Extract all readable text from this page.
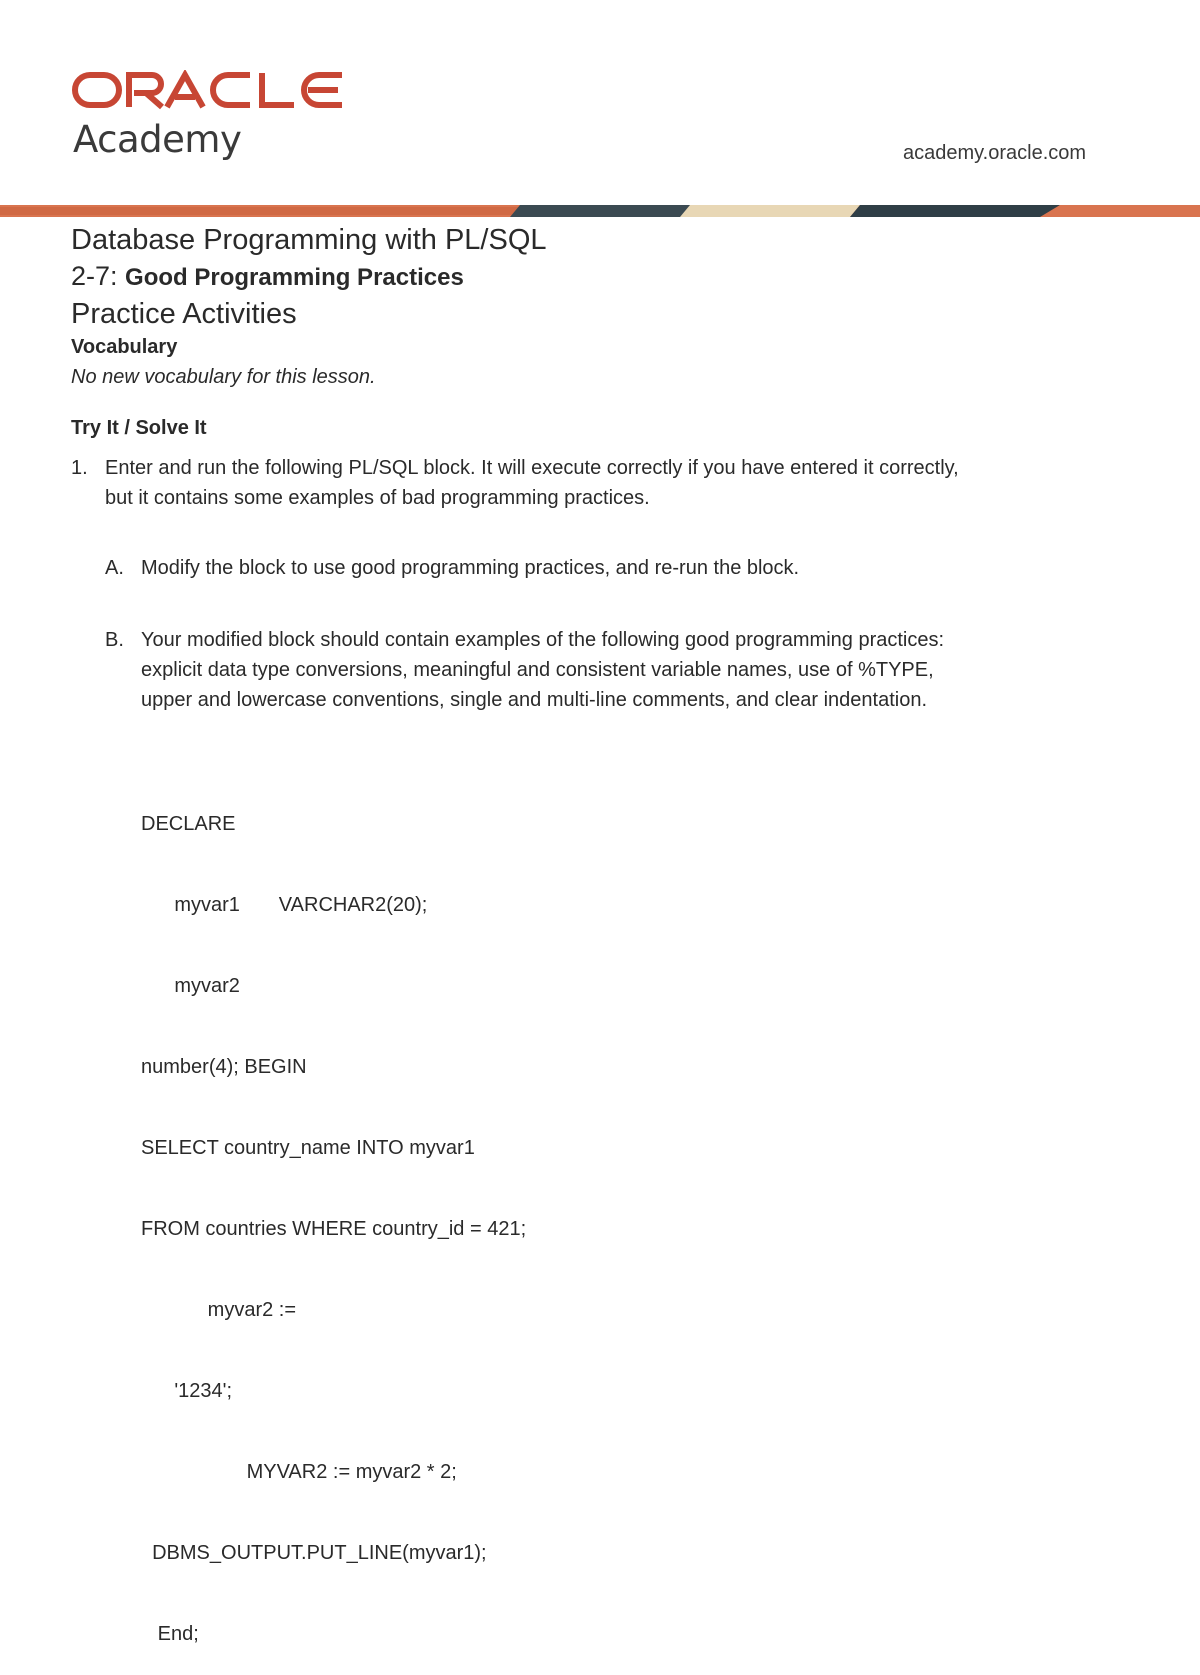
Academy	academy.oracle.com

Database Programming with PL/SQL

2-7: Good Programming Practices

Practice Activities

Vocabulary

No new vocabulary for this lesson.

Try It / Solve It
1. Enter and run the following PL/SQL block. It will execute correctly if you have entered it correctly,
but it contains some examples of bad programming practices.
A. Modify the block to use good programming practices, and re-run the block.
B. Your modified block should contain examples of the following good programming practices:
explicit data type conversions, meaningful and consistent variable names, use of %TYPE,
upper and lowercase conventions, single and multi-line comments, and clear indentation.

DECLARE

myvar1       VARCHAR2(20);

myvar2

number(4); BEGIN

SELECT country_name INTO myvar1

FROM countries WHERE country_id = 421;

myvar2 :=

'1234';

MYVAR2 := myvar2 * 2;

DBMS_OUTPUT.PUT_LINE(myvar1);

End;
